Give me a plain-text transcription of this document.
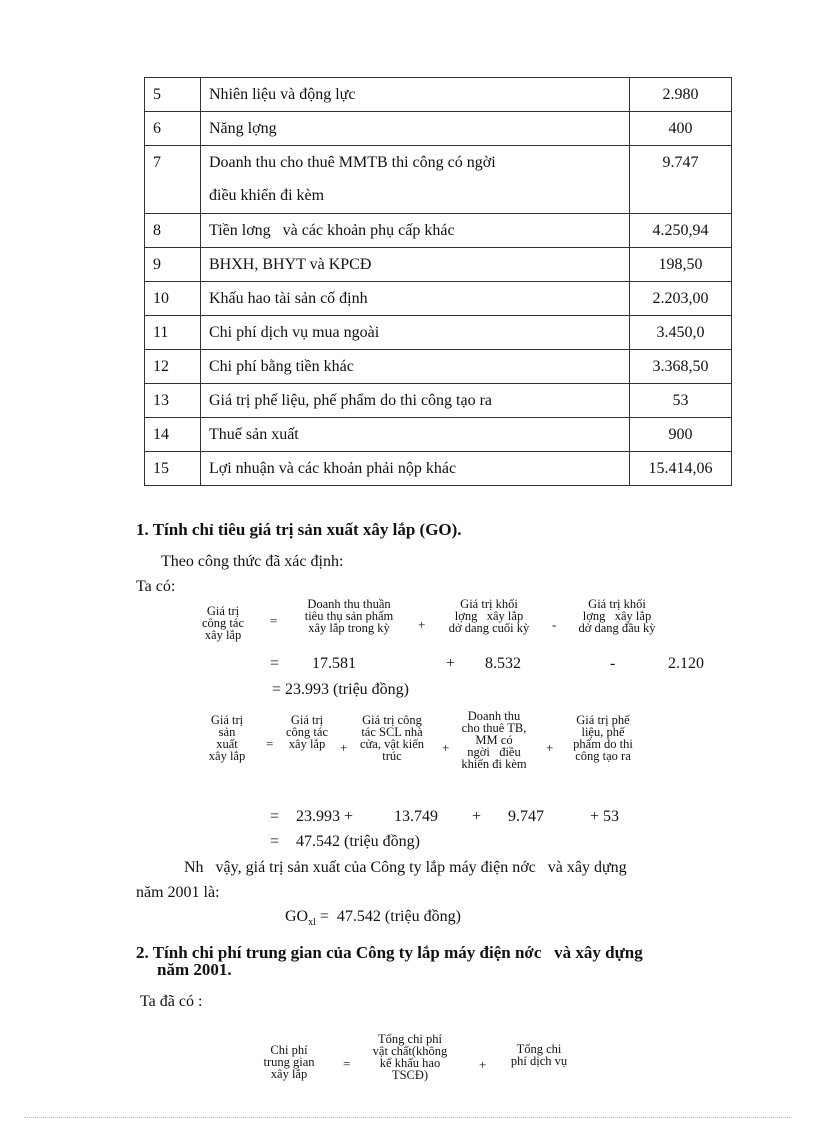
5	Nhiên liệu và động lực	2.980
6	Năng lợng	400

7	Doanh thu cho thuê MMTB thi công có ngời
điều khiển đi kèm	9.747

8	Tiền lơng   và các khoản phụ cấp khác	4.250,94
9	BHXH, BHYT và KPCĐ	198,50
10	Khấu hao tài sản cố định	2.203,00
11	Chi phí dịch vụ mua ngoài	3.450,0
12	Chi phí bằng tiền khác	3.368,50
13	Giá trị phế liệu, phế phẩm do thi công tạo ra	53
14	Thuế sản xuất	900
15	Lợi nhuận và các khoản phải nộp khác	15.414,06
1. Tính chỉ tiêu giá trị sản xuất xây lắp (GO).
Theo công thức đã xác định:
Ta có:
Giá trị
công tác
xây lắp
=
Doanh thu thuần
tiêu thụ sản phẩm
xây lắp trong kỳ	+
Giá trị khối
lợng   xây lắp
dở dang cuối kỳ	-
Giá trị khối
lợng   xây lắp
dở dang đầu kỳ
= 17.581	+ 8.532	-	2.120
= 23.993 (triệu đồng)
Giá trị
sản
xuất
xây lắp
=
Giá trị
công tác
xây lắp	+
Giá trị công
tác SCL nhà
cửa, vật kiến
trúc
+
Doanh thu
cho thuê TB,
MM có
ngời   điều
khiển đi kèm
+
Giá trị phế
liệu, phế
phẩm do thi
công tạo ra
= 23.993 +	13.749 + 9.747	+ 53
= 47.542 (triệu đồng)
Nh   vậy, giá trị sản xuất của Công ty lắp máy điện nớc   và xây dựng
năm 2001 là:
$GO_{xl} = 47.542$ (triệu đồng)
2. Tính chi phí trung gian của Công ty lắp máy điện nớc   và xây dựng
năm 2001.
Ta đã có :
Chi phí
trung gian
xây lắp
=
Tổng chi phí
vật chất(không
kể khấu hao
TSCĐ)
+
Tổng chi
phí dịch vụ
